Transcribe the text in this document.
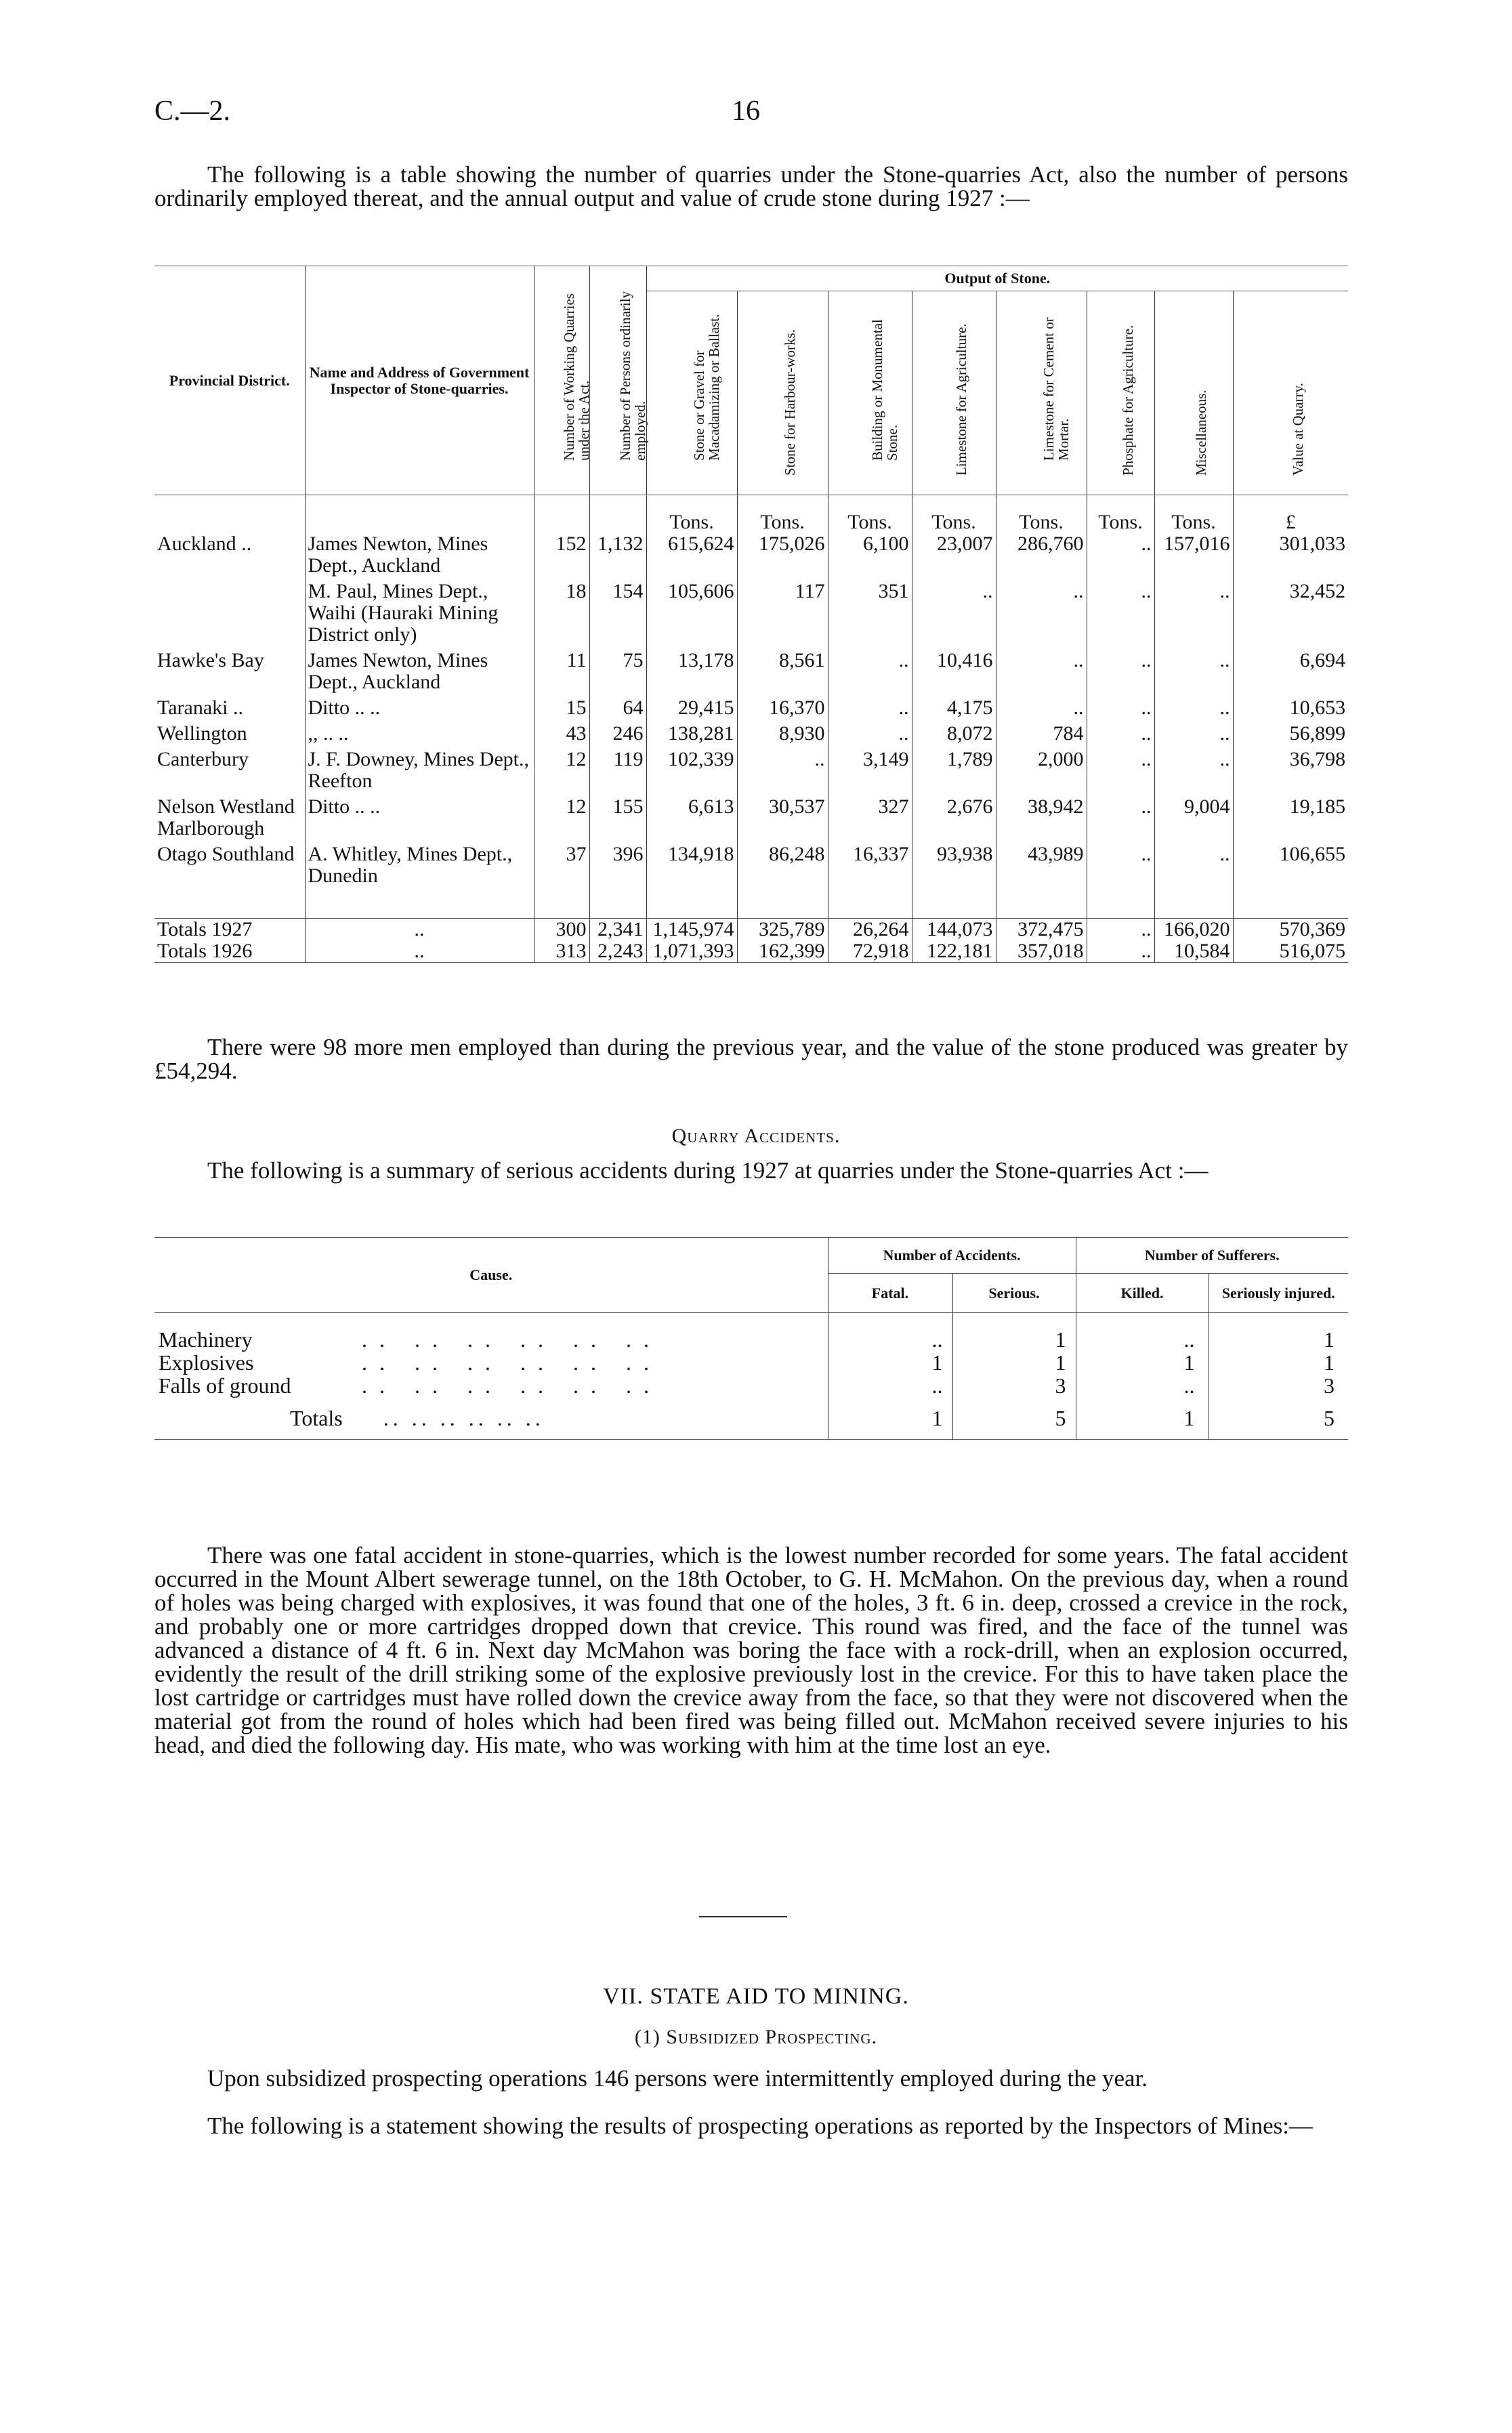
C.—2.	16
The following is a table showing the number of quarries under the Stone-quarries Act, also the number of persons ordinarily employed thereat, and the annual output and value of crude stone during 1927 :—
Provincial District.	Name and Address of Government Inspector of Stone-quarries.	Number of Working Quarries under the Act.	Number of Persons ordinarily employed.	Output of Stone.							

				Stone or Gravel for Macadamizing or Ballast.	Stone for Harbour-works.	Building or Monumental Stone.	Limestone for Agriculture.	Limestone for Cement or Mortar.	Phosphate for Agriculture.	Miscellaneous.	Value at Quarry.

				Tons.	Tons.	Tons.	Tons.	Tons.	Tons.	Tons.	£
Auckland ..	James Newton, Mines Dept., Auckland	152	1,132	615,624	175,026	6,100	23,007	286,760	..	157,016	301,033
	M. Paul, Mines Dept., Waihi (Hauraki Mining District only)	18	154	105,606	117	351	..	..	..	..	32,452
Hawke's Bay	James Newton, Mines Dept., Auckland	11	75	13,178	8,561	..	10,416	..	..	..	6,694
Taranaki ..	Ditto .. ..	15	64	29,415	16,370	..	4,175	..	..	..	10,653
Wellington	,, .. ..	43	246	138,281	8,930	..	8,072	784	..	..	56,899
Canterbury	J. F. Downey, Mines Dept., Reefton	12	119	102,339	..	3,149	1,789	2,000	..	..	36,798
Nelson Westland Marlborough	Ditto .. ..	12	155	6,613	30,537	327	2,676	38,942	..	9,004	19,185
Otago Southland	A. Whitley, Mines Dept., Dunedin	37	396	134,918	86,248	16,337	93,938	43,989	..	..	106,655

Totals 1927	..	300	2,341	1,145,974	325,789	26,264	144,073	372,475	..	166,020	570,369
Totals 1926	..	313	2,243	1,071,393	162,399	72,918	122,181	357,018	..	10,584	516,075
There were 98 more men employed than during the previous year, and the value of the stone produced was greater by £54,294.
Quarry Accidents.
The following is a summary of serious accidents during 1927 at quarries under the Stone-quarries Act :—
Cause.	Number of Accidents.		Number of Sufferers.	
	Fatal.	Serious.	Killed.	Seriously injured.

Machinery .. .. .. .. .. ..	..	1	..	1
Explosives .. .. .. .. .. ..	1	1	1	1
Falls of ground .. .. .. .. .. ..	..	3	..	3

Totals .. .. .. .. .. ..	1	5	1	5
There was one fatal accident in stone-quarries, which is the lowest number recorded for some years. The fatal accident occurred in the Mount Albert sewerage tunnel, on the 18th October, to G. H. McMahon. On the previous day, when a round of holes was being charged with explosives, it was found that one of the holes, 3 ft. 6 in. deep, crossed a crevice in the rock, and probably one or more cartridges dropped down that crevice. This round was fired, and the face of the tunnel was advanced a distance of 4 ft. 6 in. Next day McMahon was boring the face with a rock-drill, when an explosion occurred, evidently the result of the drill striking some of the explosive previously lost in the crevice. For this to have taken place the lost cartridge or cartridges must have rolled down the crevice away from the face, so that they were not discovered when the material got from the round of holes which had been fired was being filled out. McMahon received severe injuries to his head, and died the following day. His mate, who was working with him at the time lost an eye.
VII. STATE AID TO MINING.
(1) Subsidized Prospecting.
Upon subsidized prospecting operations 146 persons were intermittently employed during the year.
The following is a statement showing the results of prospecting operations as reported by the Inspectors of Mines:—
